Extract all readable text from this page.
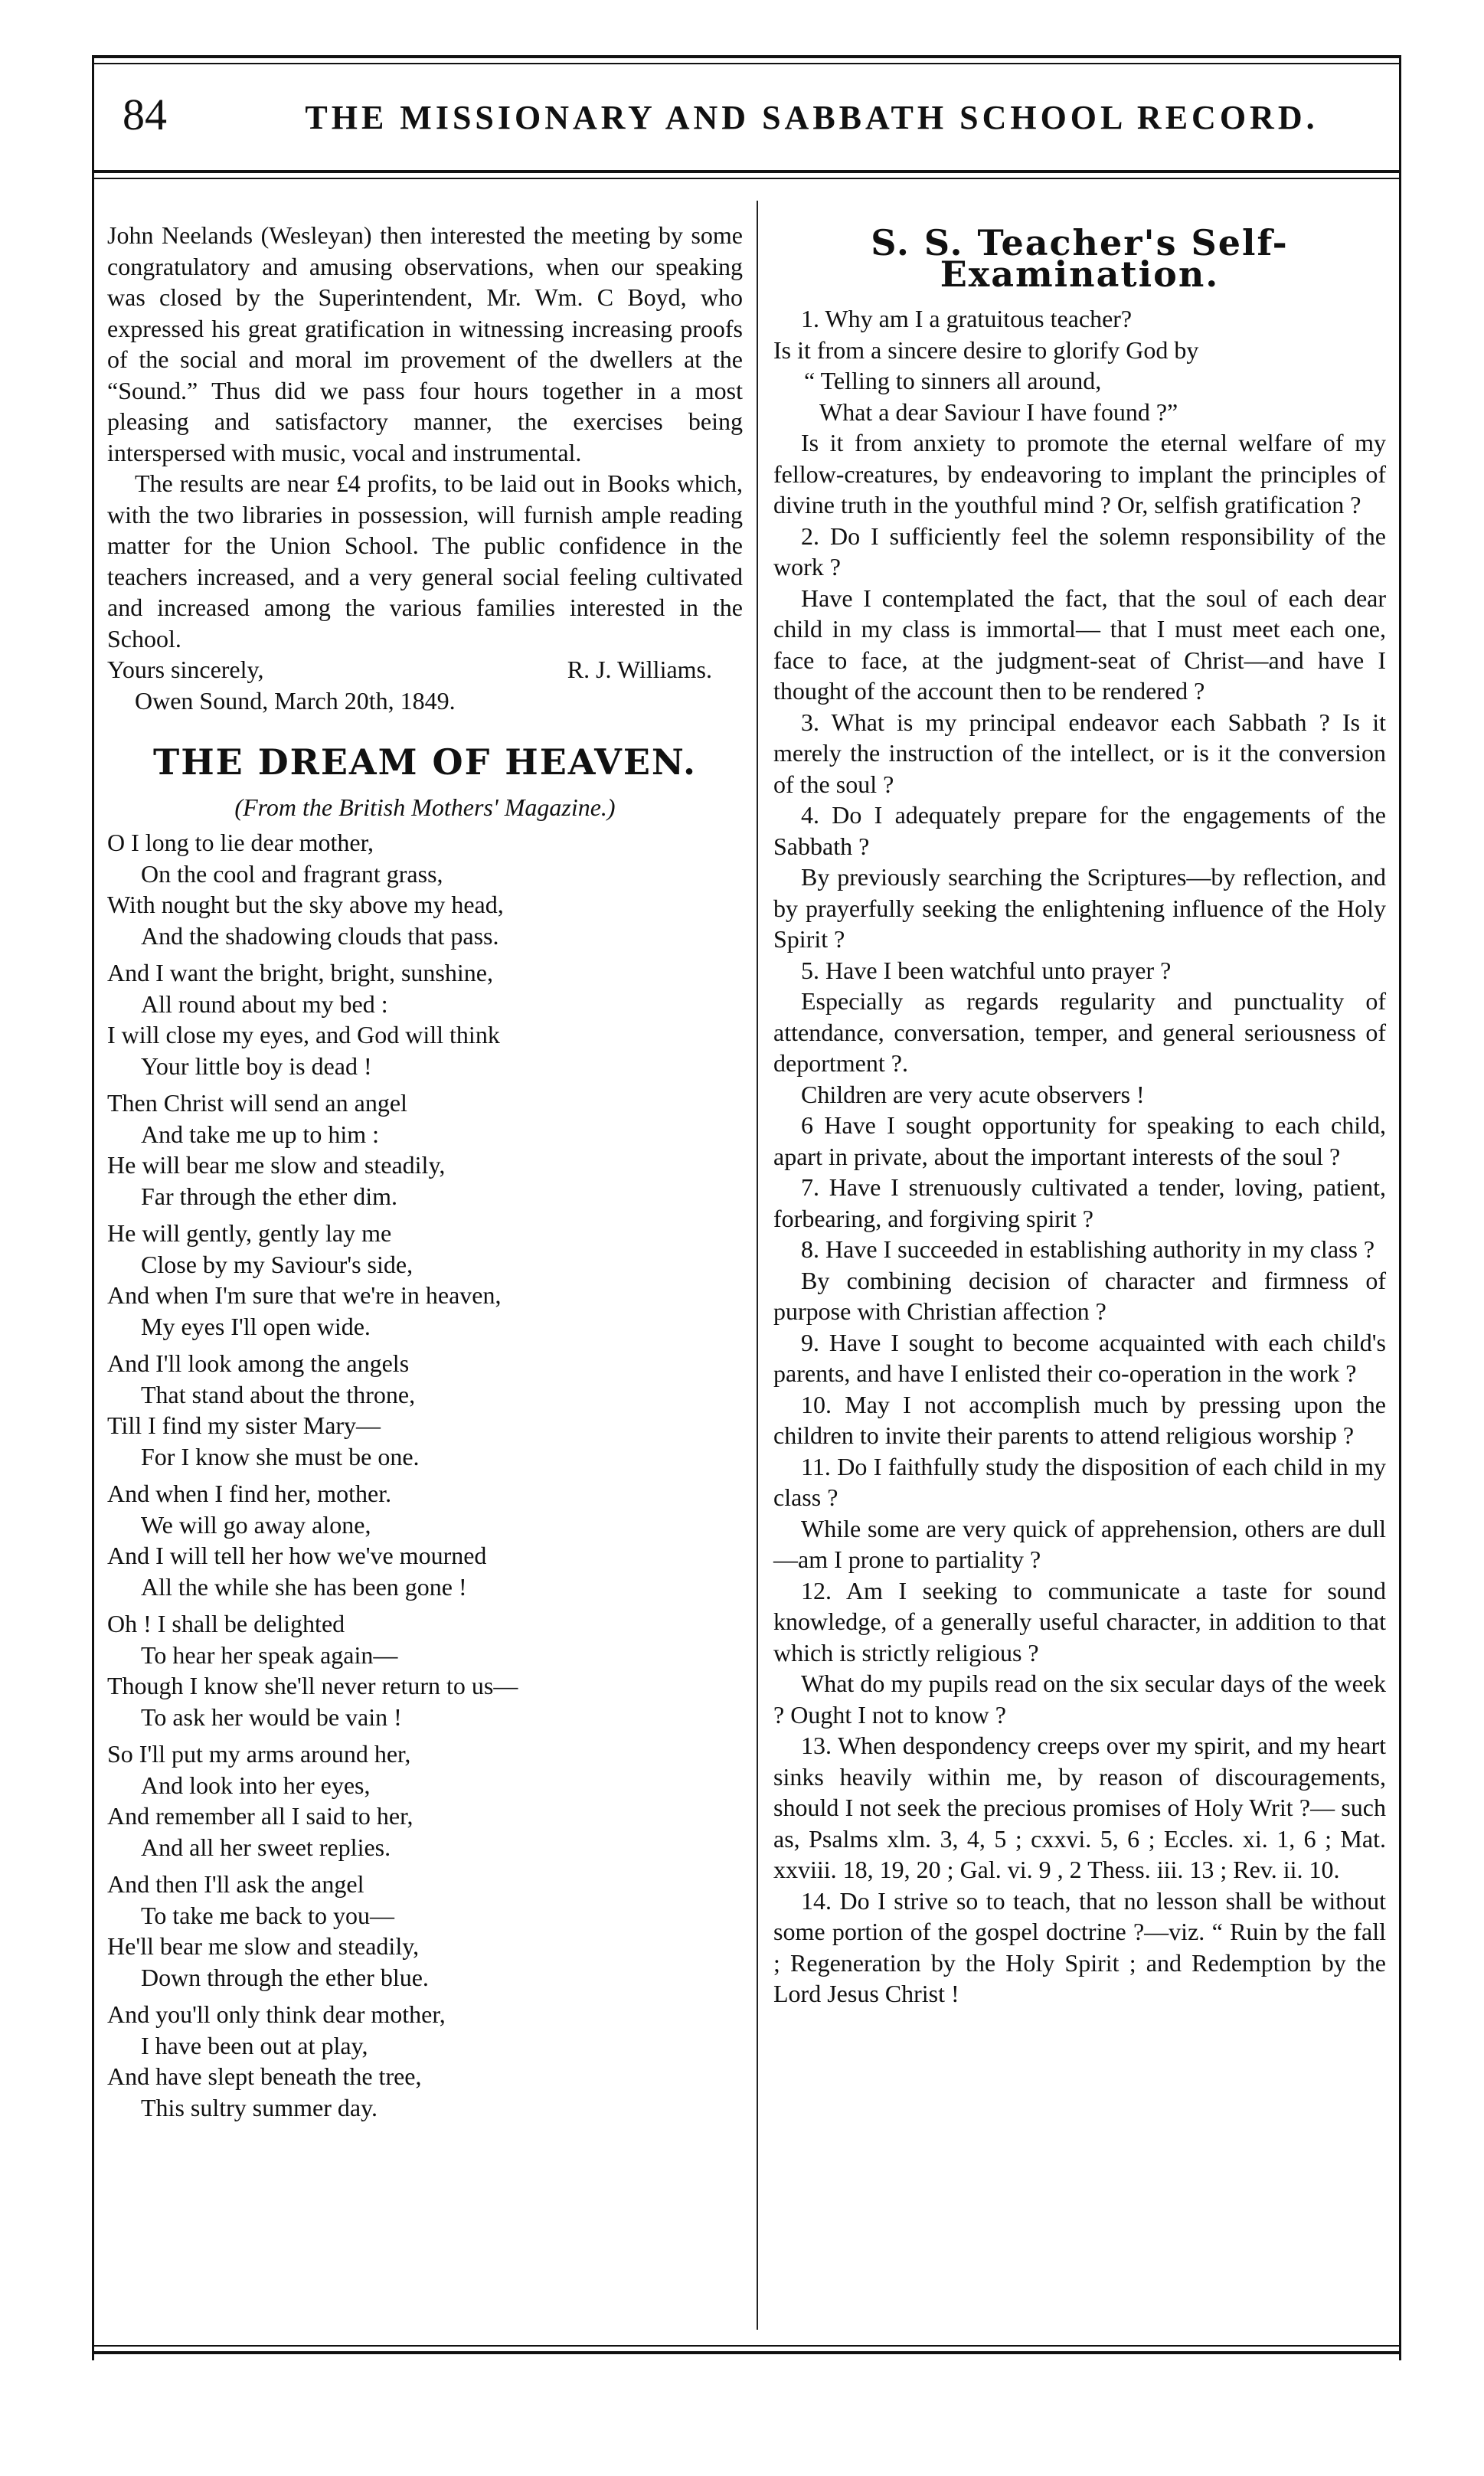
84	THE MISSIONARY AND SABBATH SCHOOL RECORD.

John Neelands (Wesleyan) then interested the meeting by some congratulatory and amusing observations, when our speaking was closed by the Superintendent, Mr. Wm. C Boyd, who expressed his great gratification in witnessing increasing proofs of the social and moral im provement of the dwellers at the “Sound.” Thus did we pass four hours together in a most pleasing and satisfactory manner, the exercises being interspersed with music, vocal and instrumental.

The results are near £4 profits, to be laid out in Books which, with the two libraries in possession, will furnish ample reading matter for the Union School. The public confidence in the teachers increased, and a very general social feeling cultivated and increased among the various families interested in the School.

Yours sincerely,	R. J. Williams.

Owen Sound, March 20th, 1849.

THE DREAM OF HEAVEN.
(From the British Mothers' Magazine.)
O I long to lie dear mother,
On the cool and fragrant grass,
With nought but the sky above my head,
And the shadowing clouds that pass.
And I want the bright, bright, sunshine,
All round about my bed :
I will close my eyes, and God will think
Your little boy is dead !
Then Christ will send an angel
And take me up to him :
He will bear me slow and steadily,
Far through the ether dim.
He will gently, gently lay me
Close by my Saviour's side,
And when I'm sure that we're in heaven,
My eyes I'll open wide.
And I'll look among the angels
That stand about the throne,
Till I find my sister Mary—
For I know she must be one.
And when I find her, mother.
We will go away alone,
And I will tell her how we've mourned
All the while she has been gone !
Oh ! I shall be delighted
To hear her speak again—
Though I know she'll never return to us—
To ask her would be vain !
So I'll put my arms around her,
And look into her eyes,
And remember all I said to her,
And all her sweet replies.
And then I'll ask the angel
To take me back to you—
He'll bear me slow and steadily,
Down through the ether blue.
And you'll only think dear mother,
I have been out at play,
And have slept beneath the tree,
This sultry summer day.
S. S. Teacher's Self-Examination.

1. Why am I a gratuitous teacher?

Is it from a sincere desire to glorify God by

“ Telling to sinners all around,
What a dear Saviour I have found ?”

Is it from anxiety to promote the eternal welfare of my fellow-creatures, by endeavoring to implant the principles of divine truth in the youthful mind ? Or, selfish gratification ?

2. Do I sufficiently feel the solemn responsibility of the work ?

Have I contemplated the fact, that the soul of each dear child in my class is immortal— that I must meet each one, face to face, at the judgment-seat of Christ—and have I thought of the account then to be rendered ?

3. What is my principal endeavor each Sabbath ? Is it merely the instruction of the intellect, or is it the conversion of the soul ?

4. Do I adequately prepare for the engagements of the Sabbath ?

By previously searching the Scriptures—by reflection, and by prayerfully seeking the enlightening influence of the Holy Spirit ?

5. Have I been watchful unto prayer ?

Especially as regards regularity and punctuality of attendance, conversation, temper, and general seriousness of deportment ?.

Children are very acute observers !

6 Have I sought opportunity for speaking to each child, apart in private, about the important interests of the soul ?

7. Have I strenuously cultivated a tender, loving, patient, forbearing, and forgiving spirit ?

8. Have I succeeded in establishing authority in my class ?

By combining decision of character and firmness of purpose with Christian affection ?

9. Have I sought to become acquainted with each child's parents, and have I enlisted their co-operation in the work ?

10. May I not accomplish much by pressing upon the children to invite their parents to attend religious worship ?

11. Do I faithfully study the disposition of each child in my class ?

While some are very quick of apprehension, others are dull—am I prone to partiality ?

12. Am I seeking to communicate a taste for sound knowledge, of a generally useful character, in addition to that which is strictly religious ?

What do my pupils read on the six secular days of the week ? Ought I not to know ?

13. When despondency creeps over my spirit, and my heart sinks heavily within me, by reason of discouragements, should I not seek the precious promises of Holy Writ ?— such as, Psalms xlm. 3, 4, 5 ; cxxvi. 5, 6 ; Eccles. xi. 1, 6 ; Mat. xxviii. 18, 19, 20 ; Gal. vi. 9 , 2 Thess. iii. 13 ; Rev. ii. 10.

14. Do I strive so to teach, that no lesson shall be without some portion of the gospel doctrine ?—viz. “ Ruin by the fall ; Regeneration by the Holy Spirit ; and Redemption by the Lord Jesus Christ !
